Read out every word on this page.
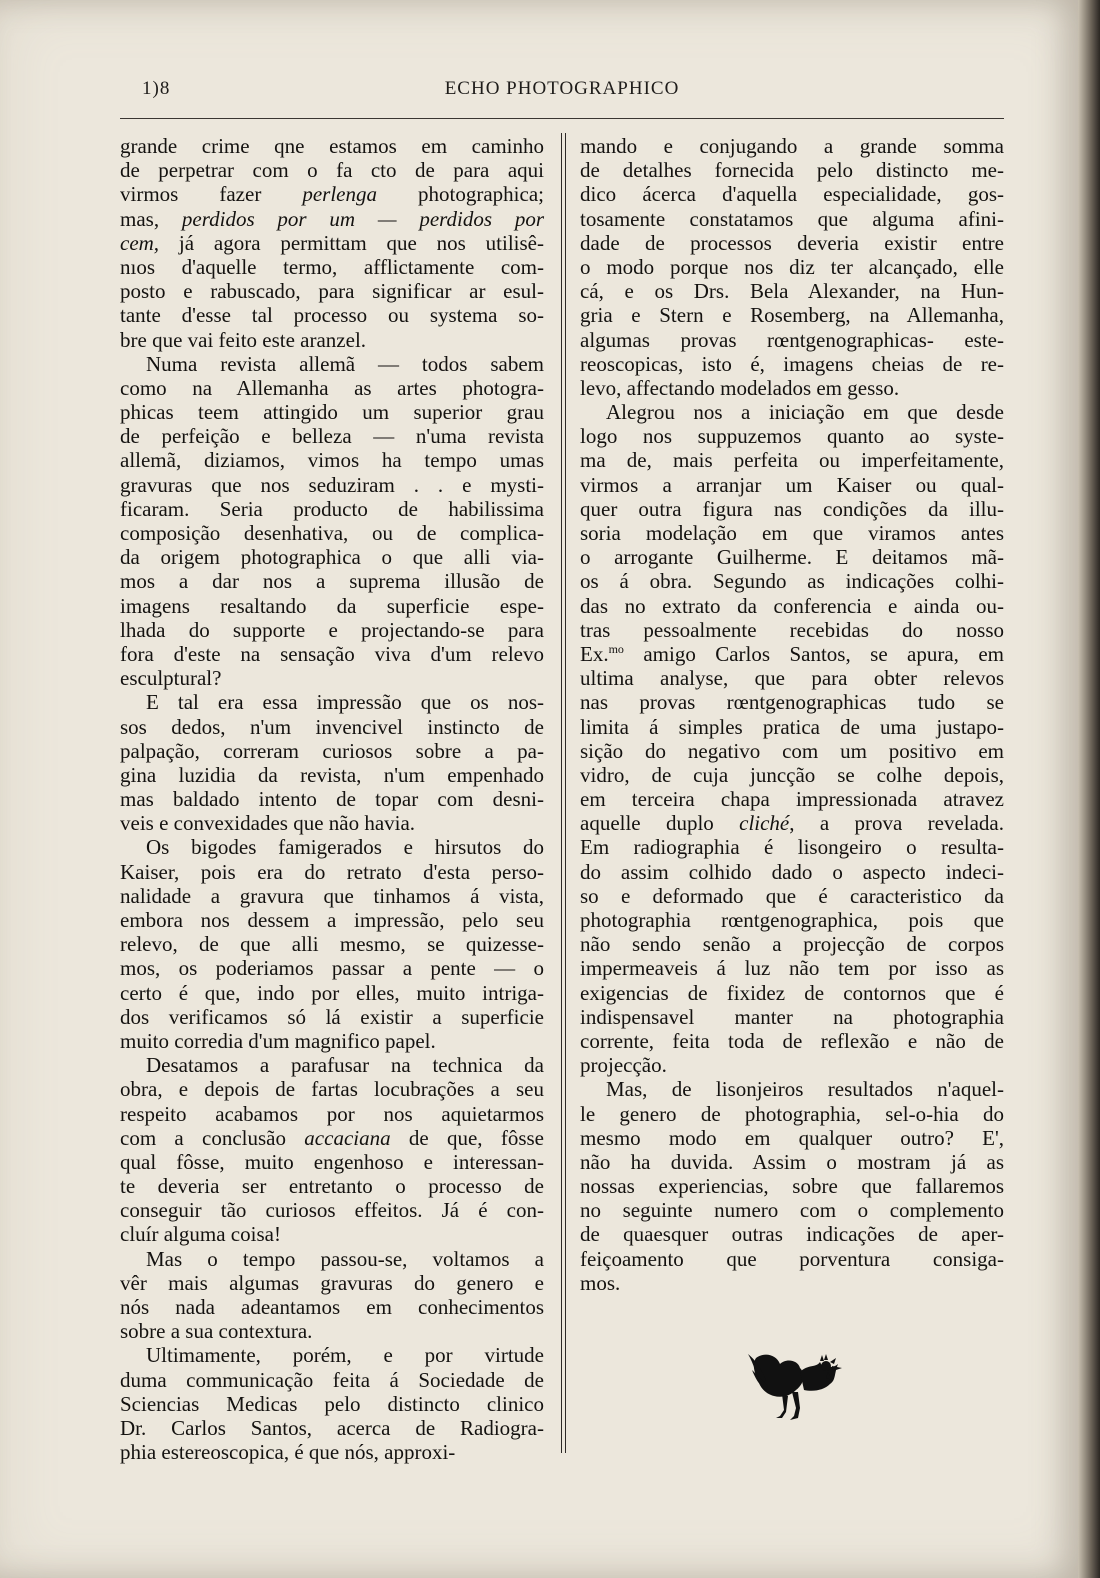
1)8	ECHO PHOTOGRAPHICO
grande crime qne estamos em caminho
de perpetrar com o fa cto de para aqui
virmos fazer perlenga photographica;
mas, perdidos por um — perdidos por
cem, já agora permittam que nos utilisê-
nıos d'aquelle termo, afflictamente com-
posto e rabuscado, para significar ar esul-
tante d'esse tal processo ou systema so-
bre que vai feito este aranzel.
Numa revista allemã — todos sabem
como na Allemanha as artes photogra-
phicas teem attingido um superior grau
de perfeição e belleza — n'uma revista
allemã, diziamos, vimos ha tempo umas
gravuras que nos seduziram . . e mysti-
ficaram. Seria producto de habilissima
composição desenhativa, ou de complica-
da origem photographica o que alli via-
mos a dar nos a suprema illusão de
imagens resaltando da superficie espe-
lhada do supporte e projectando-se para
fora d'este na sensação viva d'um relevo
esculptural?
E tal era essa impressão que os nos-
sos dedos, n'um invencivel instincto de
palpação, correram curiosos sobre a pa-
gina luzidia da revista, n'um empenhado
mas baldado intento de topar com desni-
veis e convexidades que não havia.
Os bigodes famigerados e hirsutos do
Kaiser, pois era do retrato d'esta perso-
nalidade a gravura que tinhamos á vista,
embora nos dessem a impressão, pelo seu
relevo, de que alli mesmo, se quizesse-
mos, os poderiamos passar a pente — o
certo é que, indo por elles, muito intriga-
dos verificamos só lá existir a superficie
muito corredia d'um magnifico papel.
Desatamos a parafusar na technica da
obra, e depois de fartas locubrações a seu
respeito acabamos por nos aquietarmos
com a conclusão accaciana de que, fôsse
qual fôsse, muito engenhoso e interessan-
te deveria ser entretanto o processo de
conseguir tão curiosos effeitos. Já é con-
cluír alguma coisa!
Mas o tempo passou-se, voltamos a
vêr mais algumas gravuras do genero e
nós nada adeantamos em conhecimentos
sobre a sua contextura.
Ultimamente, porém, e por virtude
duma communicação feita á Sociedade de
Sciencias Medicas pelo distincto clinico
Dr. Carlos Santos, acerca de Radiogra-
phia estereoscopica, é que nós, approxi-
mando e conjugando a grande somma
de detalhes fornecida pelo distincto me-
dico ácerca d'aquella especialidade, gos-
tosamente constatamos que alguma afini-
dade de processos deveria existir entre
o modo porque nos diz ter alcançado, elle
cá, e os Drs. Bela Alexander, na Hun-
gria e Stern e Rosemberg, na Allemanha,
algumas provas rœntgenographicas- este-
reoscopicas, isto é, imagens cheias de re-
levo, affectando modelados em gesso.
Alegrou nos a iniciação em que desde
logo nos suppuzemos quanto ao syste-
ma de, mais perfeita ou imperfeitamente,
virmos a arranjar um Kaiser ou qual-
quer outra figura nas condições da illu-
soria modelação em que viramos antes
o arrogante Guilherme. E deitamos mã-
os á obra. Segundo as indicações colhi-
das no extrato da conferencia e ainda ou-
tras pessoalmente recebidas do nosso
Ex.$^{mo}$ amigo Carlos Santos, se apura, em
ultima analyse, que para obter relevos
nas provas rœntgenographicas tudo se
limita á simples pratica de uma justapo-
sição do negativo com um positivo em
vidro, de cuja juncção se colhe depois,
em terceira chapa impressionada atravez
aquelle duplo cliché, a prova revelada.
Em radiographia é lisongeiro o resulta-
do assim colhido dado o aspecto indeci-
so e deformado que é caracteristico da
photographia rœntgenographica, pois que
não sendo senão a projecção de corpos
impermeaveis á luz não tem por isso as
exigencias de fixidez de contornos que é
indispensavel manter na photographia
corrente, feita toda de reflexão e não de
projecção.
Mas, de lisonjeiros resultados n'aquel-
le genero de photographia, sel-o-hia do
mesmo modo em qualquer outro? E',
não ha duvida. Assim o mostram já as
nossas experiencias, sobre que fallaremos
no seguinte numero com o complemento
de quaesquer outras indicações de aper-
feiçoamento que porventura consiga-
mos.
